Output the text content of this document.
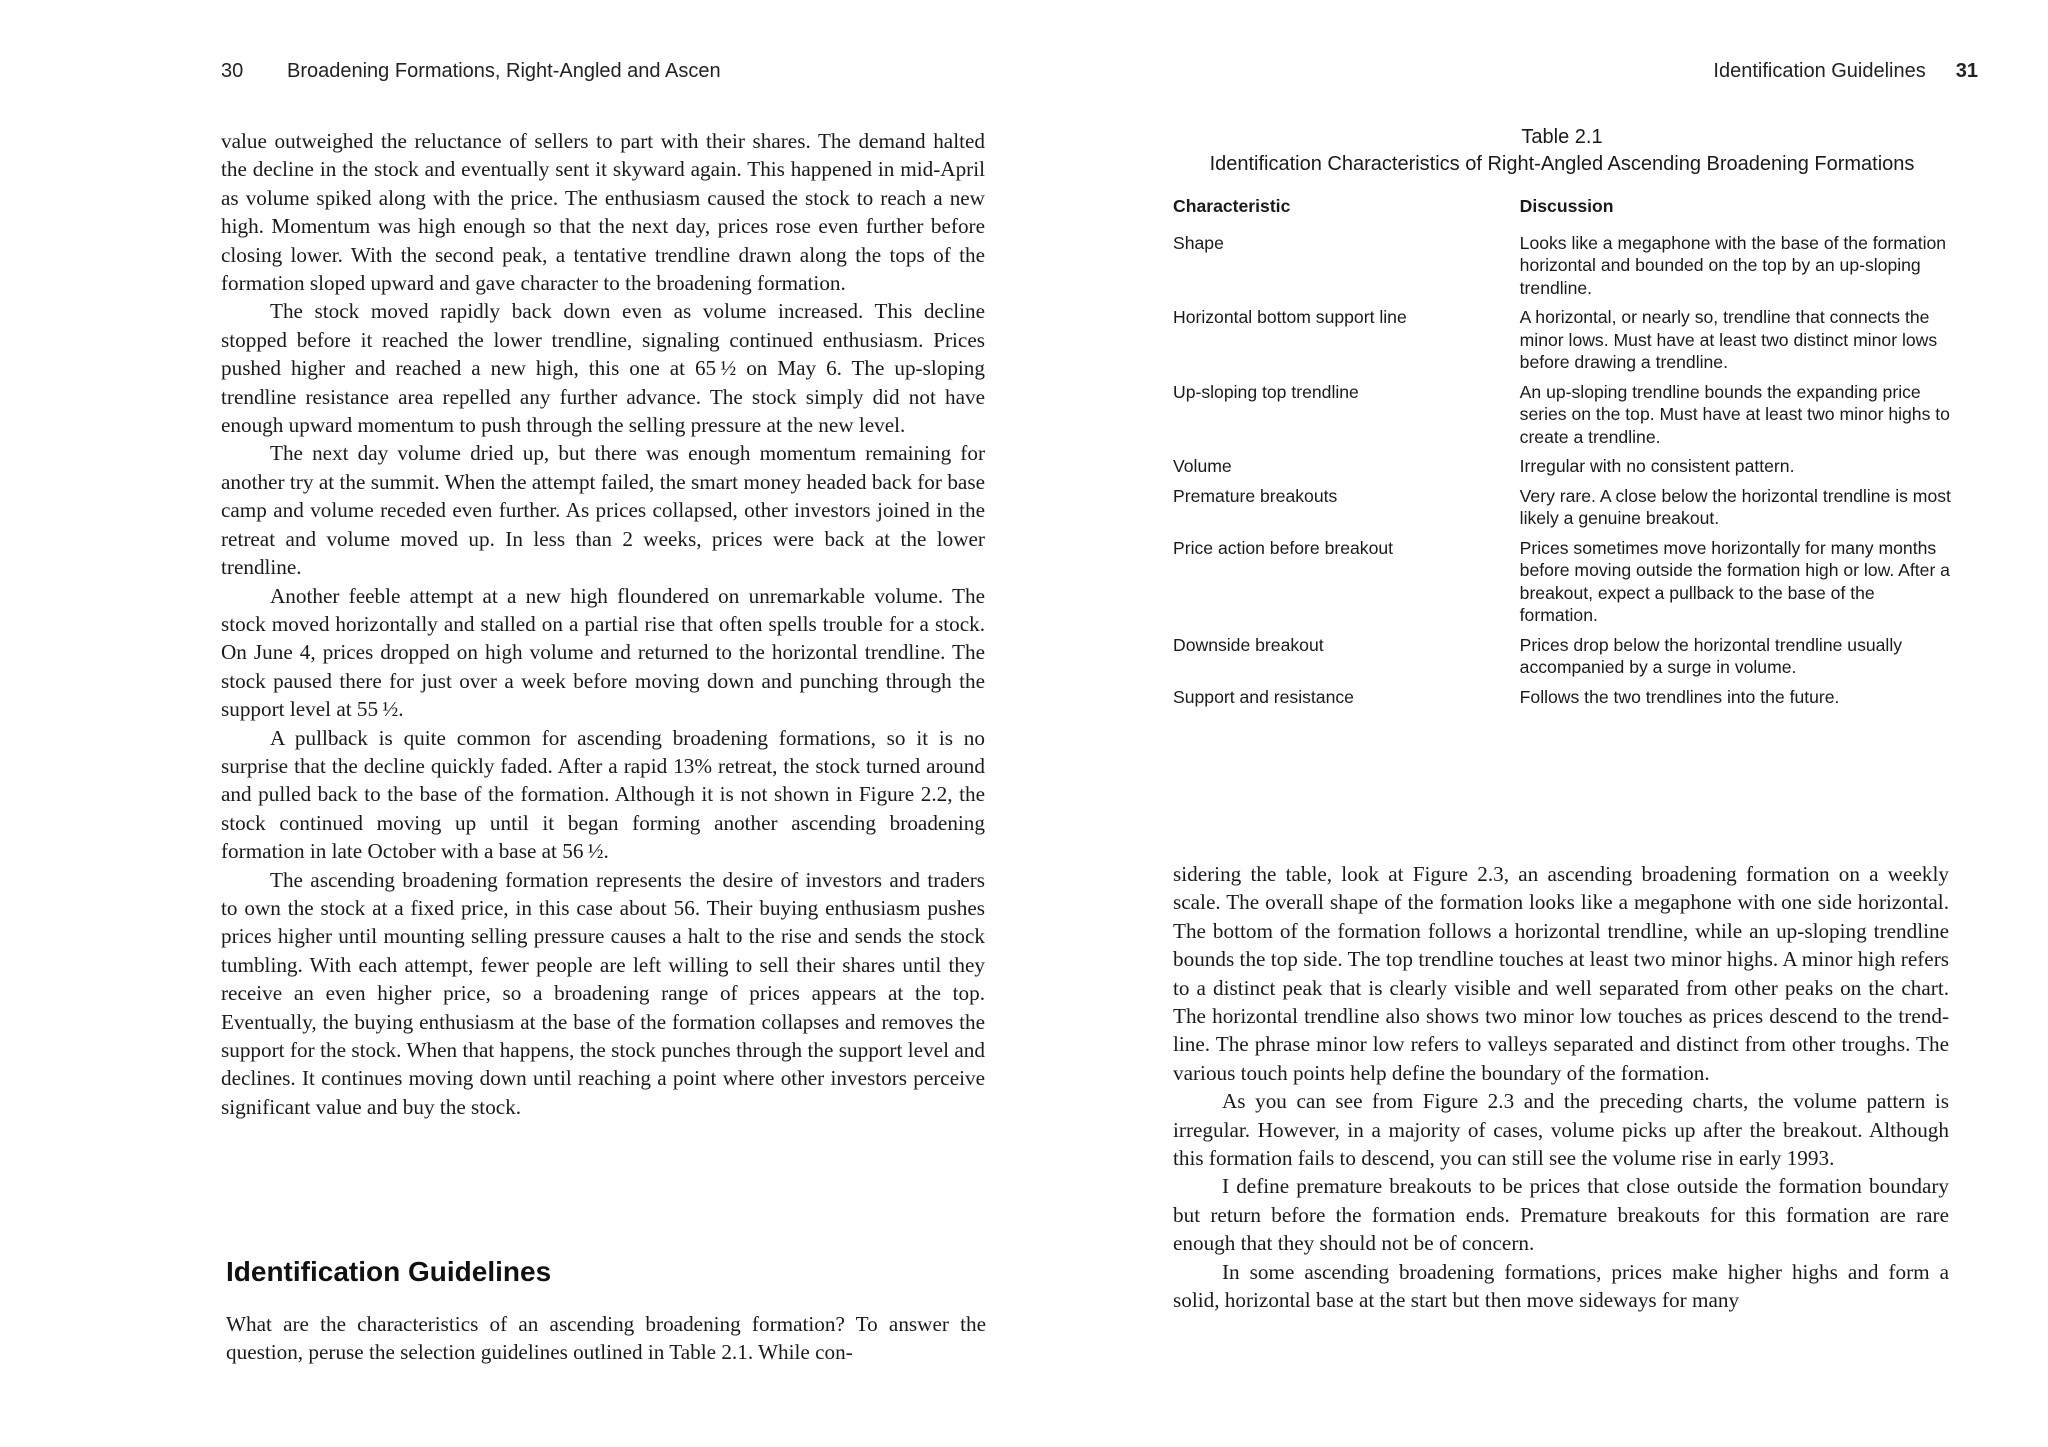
30 Broadening Formations, Right-Angled and Ascen

value outweighed the reluctance of sellers to part with their shares. The demand halted the decline in the stock and eventually sent it skyward again. This happened in mid-April as volume spiked along with the price. The enthusiasm caused the stock to reach a new high. Momentum was high enough so that the next day, prices rose even further before closing lower. With the second peak, a tentative trendline drawn along the tops of the formation sloped upward and gave character to the broadening formation.

The stock moved rapidly back down even as volume increased. This decline stopped before it reached the lower trendline, signaling continued enthusiasm. Prices pushed higher and reached a new high, this one at 65 ½ on May 6. The up-sloping trendline resistance area repelled any further advance. The stock simply did not have enough upward momentum to push through the selling pressure at the new level.

The next day volume dried up, but there was enough momentum remaining for another try at the summit. When the attempt failed, the smart money headed back for base camp and volume receded even further. As prices collapsed, other investors joined in the retreat and volume moved up. In less than 2 weeks, prices were back at the lower trendline.

Another feeble attempt at a new high floundered on unremarkable volume. The stock moved horizontally and stalled on a partial rise that often spells trouble for a stock. On June 4, prices dropped on high volume and returned to the horizontal trendline. The stock paused there for just over a week before moving down and punching through the support level at 55 ½.

A pullback is quite common for ascending broadening formations, so it is no surprise that the decline quickly faded. After a rapid 13% retreat, the stock turned around and pulled back to the base of the formation. Although it is not shown in Figure 2.2, the stock continued moving up until it began forming another ascending broadening formation in late October with a base at 56 ½.

The ascending broadening formation represents the desire of investors and traders to own the stock at a fixed price, in this case about 56. Their buying enthusiasm pushes prices higher until mounting selling pressure causes a halt to the rise and sends the stock tumbling. With each attempt, fewer people are left willing to sell their shares until they receive an even higher price, so a broadening range of prices appears at the top. Eventually, the buying enthusiasm at the base of the formation collapses and removes the support for the stock. When that happens, the stock punches through the support level and declines. It continues moving down until reaching a point where other investors perceive significant value and buy the stock.

Identification Guidelines

What are the characteristics of an ascending broadening formation? To answer the question, peruse the selection guidelines outlined in Table 2.1. While con-

Identification Guidelines 31
Table 2.1
Identification Characteristics of Right-Angled Ascending Broadening Formations
Characteristic	Discussion
Shape	Looks like a megaphone with the base of the formation horizontal and bounded on the top by an up-sloping trendline.
Horizontal bottom support line	A horizontal, or nearly so, trendline that connects the minor lows. Must have at least two distinct minor lows before drawing a trendline.
Up-sloping top trendline	An up-sloping trendline bounds the expanding price series on the top. Must have at least two minor highs to create a trendline.
Volume	Irregular with no consistent pattern.
Premature breakouts	Very rare. A close below the horizontal trendline is most likely a genuine breakout.
Price action before breakout	Prices sometimes move horizontally for many months before moving outside the formation high or low. After a breakout, expect a pullback to the base of the formation.
Downside breakout	Prices drop below the horizontal trendline usually accompanied by a surge in volume.
Support and resistance	Follows the two trendlines into the future.

sidering the table, look at Figure 2.3, an ascending broadening formation on a weekly scale. The overall shape of the formation looks like a megaphone with one side horizontal. The bottom of the formation follows a horizontal trendline, while an up-sloping trendline bounds the top side. The top trendline touches at least two minor highs. A minor high refers to a distinct peak that is clearly visible and well separated from other peaks on the chart. The horizontal trendline also shows two minor low touches as prices descend to the trendline. The phrase minor low refers to valleys separated and distinct from other troughs. The various touch points help define the boundary of the formation.

As you can see from Figure 2.3 and the preceding charts, the volume pattern is irregular. However, in a majority of cases, volume picks up after the breakout. Although this formation fails to descend, you can still see the volume rise in early 1993.

I define premature breakouts to be prices that close outside the formation boundary but return before the formation ends. Premature breakouts for this formation are rare enough that they should not be of concern.

In some ascending broadening formations, prices make higher highs and form a solid, horizontal base at the start but then move sideways for many
